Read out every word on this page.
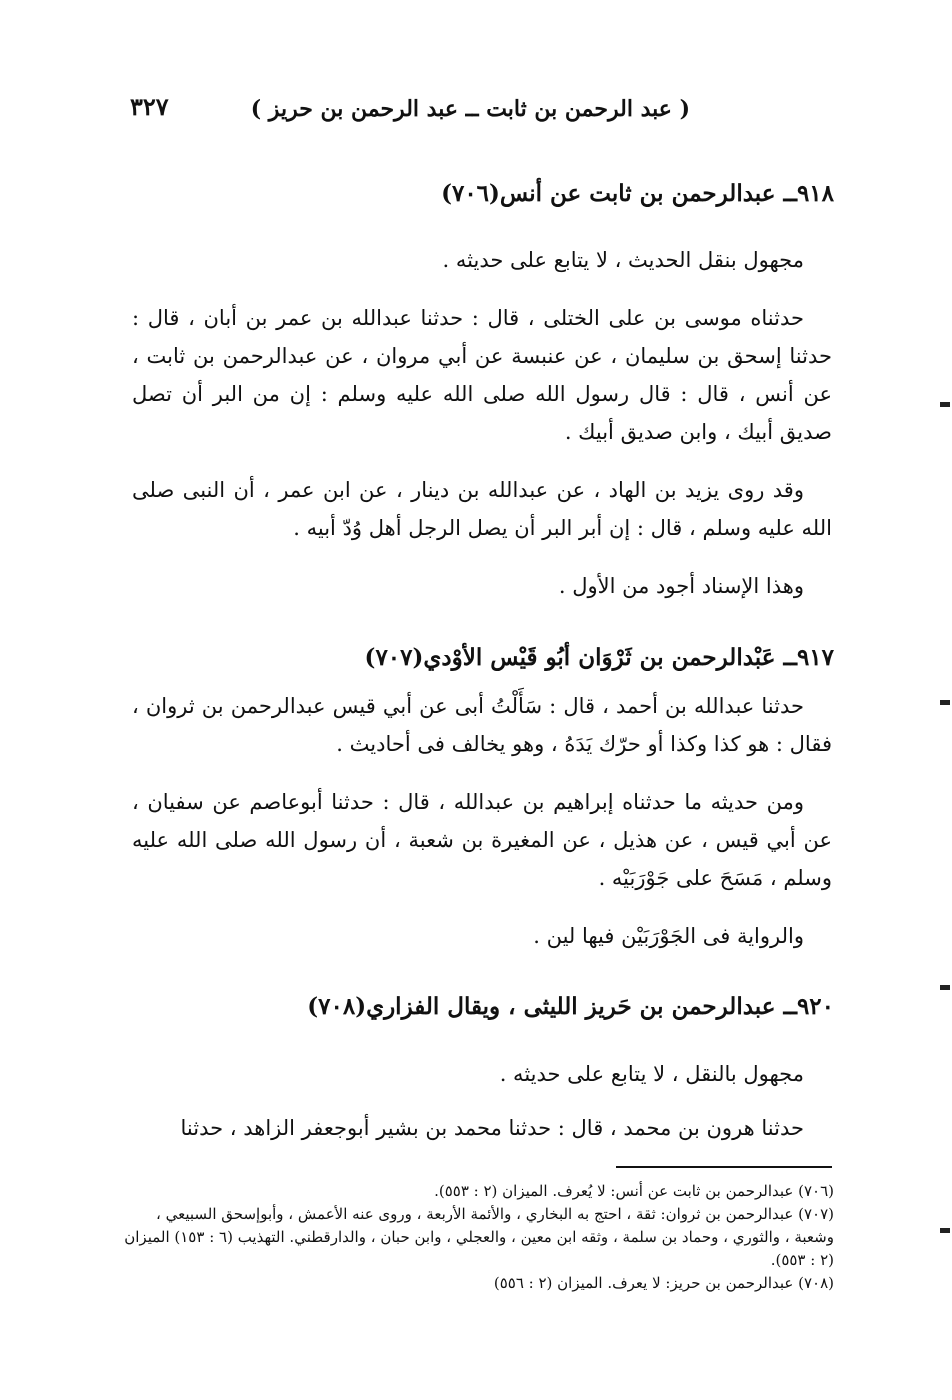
٣٢٧	( عبد الرحمن بن ثابت ــ عبد الرحمن بن حريز )
٩١٨ــ عبدالرحمن بن ثابت عن أنس(٧٠٦)
مجهول بنقل الحديث ، لا يتابع على حديثه .
حدثناه موسى بن على الختلى ، قال : حدثنا عبدالله بن عمر بن أبان ، قال : حدثنا إسحق بن سليمان ، عن عنبسة عن أبي مروان ، عن عبدالرحمن بن ثابت ، عن أنس ، قال : قال رسول الله صلى الله عليه وسلم : إن من البر أن تصل صديق أبيك ، وابن صديق أبيك .
وقد روى يزيد بن الهاد ، عن عبدالله بن دينار ، عن ابن عمر ، أن النبى صلى الله عليه وسلم ، قال : إن أبر البر أن يصل الرجل أهل وُدّ أبيه .
وهذا الإسناد أجود من الأول .
٩١٧ــ عَبْدالرحمن بن ثَرْوَان أبُو قَيْس الأوْدي(٧٠٧)
حدثنا عبدالله بن أحمد ، قال : سَأَلْتُ أبى عن أبي قيس عبدالرحمن بن ثروان ، فقال : هو كذا وكذا أو حرّك يَدَهُ ، وهو يخالف فى أحاديث .
ومن حديثه ما حدثناه إبراهيم بن عبدالله ، قال : حدثنا أبوعاصم عن سفيان ، عن أبي قيس ، عن هذيل ، عن المغيرة بن شعبة ، أن رسول الله صلى الله عليه وسلم ، مَسَحَ على جَوْرَبَيْه .
والرواية فى الجَوْرَبَيْن فيها لين .
٩٢٠ــ عبدالرحمن بن حَريز الليثى ، ويقال الفزاري(٧٠٨)
مجهول بالنقل ، لا يتابع على حديثه .
حدثنا هرون بن محمد ، قال : حدثنا محمد بن بشير أبوجعفر الزاهد ، حدثنا

(٧٠٦) عبدالرحمن بن ثابت عن أنس: لا يُعرف. الميزان (٢ : ٥٥٣).

(٧٠٧) عبدالرحمن بن ثروان: ثقة ، احتج به البخاري ، والأئمة الأربعة ، وروى عنه الأعمش ، وأبوإسحق السبيعي ، وشعبة ، والثوري ، وحماد بن سلمة ، وثقه ابن معين ، والعجلي ، وابن حبان ، والدارقطني. التهذيب (٦ : ١٥٣) الميزان (٢ : ٥٥٣).

(٧٠٨) عبدالرحمن بن حريز: لا يعرف. الميزان (٢ : ٥٥٦)
